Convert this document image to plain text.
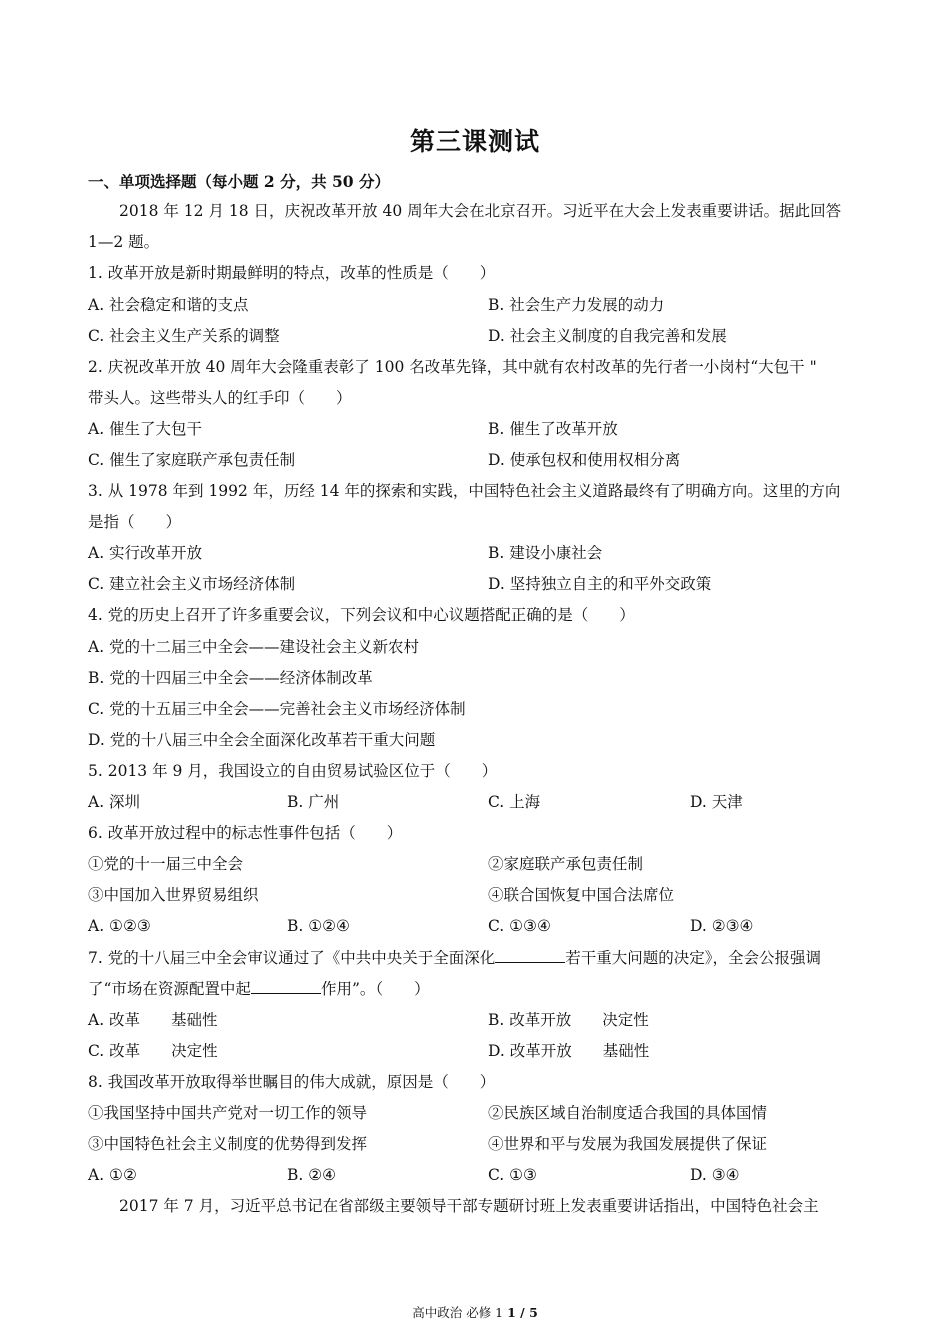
第三课测试
一、单项选择题（每小题 2 分，共 50 分）
2018 年 12 月 18 日，庆祝改革开放 40 周年大会在北京召开。习近平在大会上发表重要讲话。据此回答
1—2 题。
1. 改革开放是新时期最鲜明的特点，改革的性质是（　　）
A. 社会稳定和谐的支点	B. 社会生产力发展的动力
C. 社会主义生产关系的调整	D. 社会主义制度的自我完善和发展
2. 庆祝改革开放 40 周年大会隆重表彰了 100 名改革先锋，其中就有农村改革的先行者一小岗村“大包干 "
带头人。这些带头人的红手印（　　）
A. 催生了大包干	B. 催生了改革开放
C. 催生了家庭联产承包责任制	D. 使承包权和使用权相分离
3. 从 1978 年到 1992 年，历经 14 年的探索和实践，中国特色社会主义道路最终有了明确方向。这里的方向
是指（　　）
A. 实行改革开放	B. 建设小康社会
C. 建立社会主义市场经济体制	D. 坚持独立自主的和平外交政策
4. 党的历史上召开了许多重要会议，下列会议和中心议题搭配正确的是（　　）
A. 党的十二届三中全会——建设社会主义新农村
B. 党的十四届三中全会——经济体制改革
C. 党的十五届三中全会——完善社会主义市场经济体制
D. 党的十八届三中全会全面深化改革若干重大问题
5. 2013 年 9 月，我国设立的自由贸易试验区位于（　　）
A. 深圳	B. 广州	C. 上海	D. 天津
6. 改革开放过程中的标志性事件包括（　　）
①党的十一届三中全会	②家庭联产承包责任制
③中国加入世界贸易组织	④联合国恢复中国合法席位
A. ①②③	B. ①②④	C. ①③④	D. ②③④
7. 党的十八届三中全会审议通过了《中共中央关于全面深化	若干重大问题的决定》，全会公报强调
了“市场在资源配置中起	作用”。（　　）
A. 改革　　基础性	B. 改革开放　　决定性
C. 改革　　决定性	D. 改革开放　　基础性
8. 我国改革开放取得举世瞩目的伟大成就，原因是（　　）
①我国坚持中国共产党对一切工作的领导	②民族区域自治制度适合我国的具体国情
③中国特色社会主义制度的优势得到发挥	④世界和平与发展为我国发展提供了保证
A. ①②	B. ②④	C. ①③	D. ③④
2017 年 7 月，习近平总书记在省部级主要领导干部专题研讨班上发表重要讲话指出，中国特色社会主
高中政治 必修 1 1 / 5
